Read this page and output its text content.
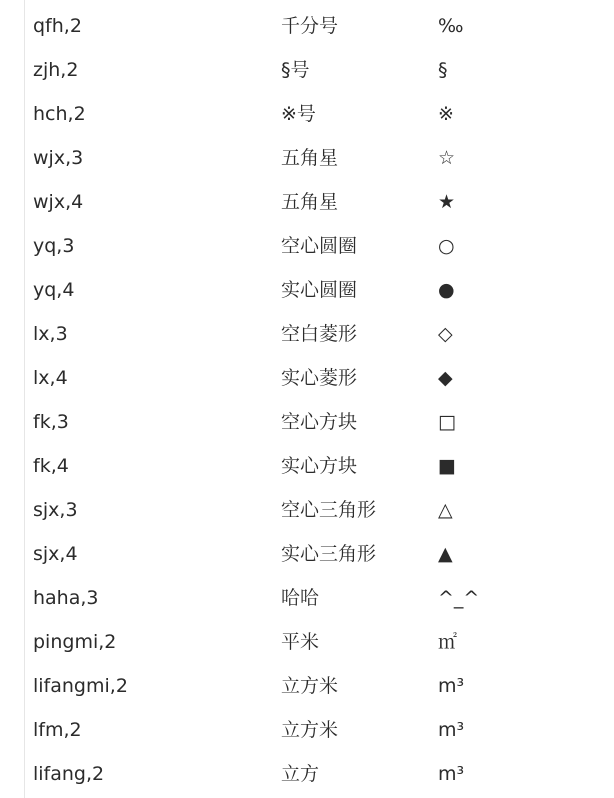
qfh,2	千分号	‰
zjh,2	§号	§
hch,2	※号	※
wjx,3	五角星	☆
wjx,4	五角星	★
yq,3	空心圆圈	○
yq,4	实心圆圈	●
lx,3	空白菱形	◇
lx,4	实心菱形	◆
fk,3	空心方块	□
fk,4	实心方块	■
sjx,3	空心三角形	△
sjx,4	实心三角形	▲
haha,3	哈哈	^_^
pingmi,2	平米	㎡
lifangmi,2	立方米	m³
lfm,2	立方米	m³
lifang,2	立方	m³
